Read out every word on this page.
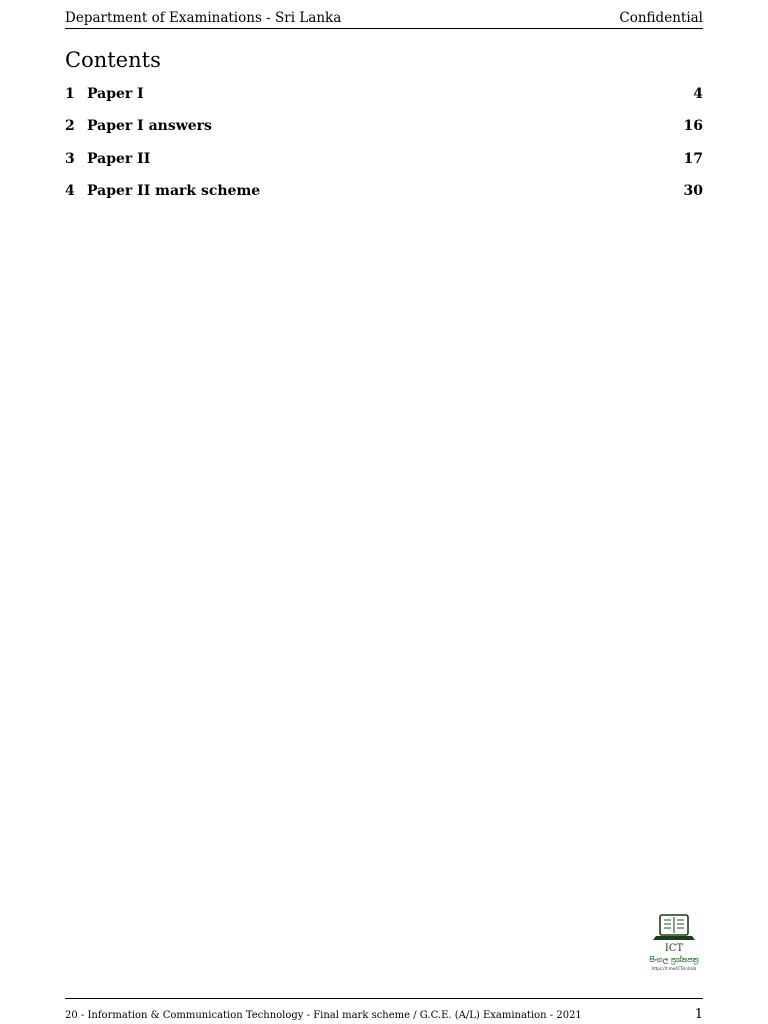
Department of Examinations - Sri Lanka	Confidential
Contents
1 Paper I	4
2 Paper I answers	16
3 Paper II	17
4 Paper II mark scheme	30
ICT
සිංහල ප්‍රශ්නපත්‍ර
https://t.me/ICTsinhala
20 - Information & Communication Technology - Final mark scheme / G.C.E. (A/L) Examination - 2021	1
